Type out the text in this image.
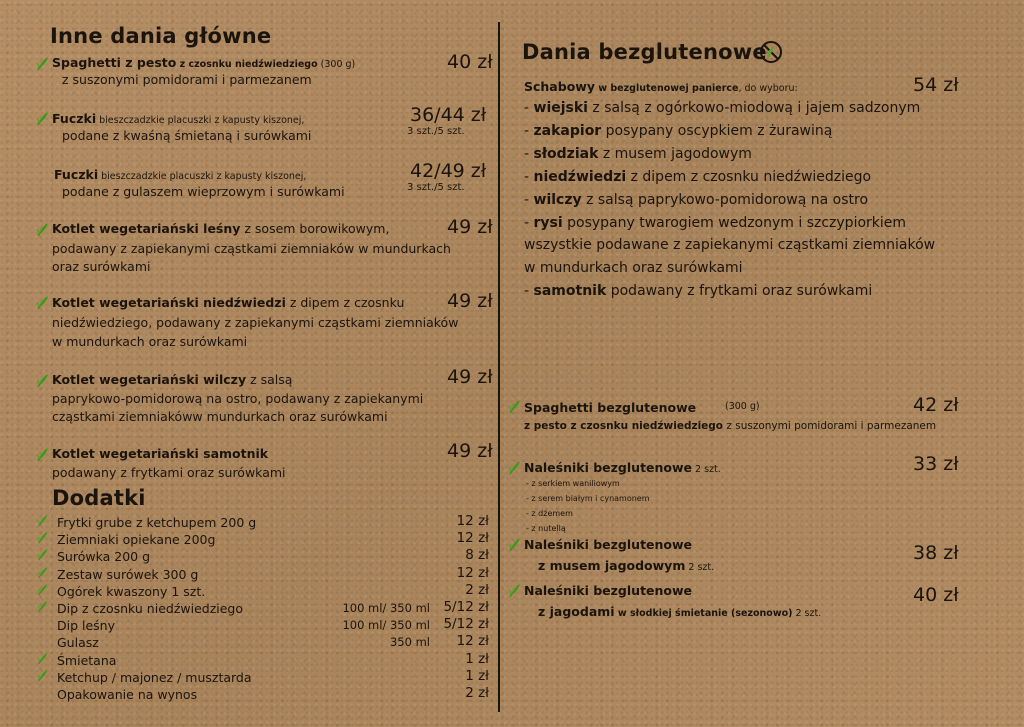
Inne dania główne
Spaghetti z pesto z czosnku niedźwiedziego (300 g)
z suszonymi pomidorami i parmezanem
40 zł
Fuczki bieszczadzkie placuszki z kapusty kiszonej,
podane z kwaśną śmietaną i surówkami
36/44 zł
3 szt./5 szt.
Fuczki bieszczadzkie placuszki z kapusty kiszonej,
podane z gulaszem wieprzowym i surówkami
42/49 zł
3 szt./5 szt.
Kotlet wegetariański leśny z sosem borowikowym,
podawany z zapiekanymi cząstkami ziemniaków w mundurkach
oraz surówkami
49 zł
Kotlet wegetariański niedźwiedzi z dipem z czosnku
niedźwiedziego, podawany z zapiekanymi cząstkami ziemniaków
w mundurkach oraz surówkami
49 zł
Kotlet wegetariański wilczy z salsą
paprykowo-pomidorową na ostro, podawany z zapiekanymi
cząstkami ziemniakóww mundurkach oraz surówkami
49 zł
Kotlet wegetariański samotnik
podawany z frytkami oraz surówkami
49 zł
Dodatki
Frytki grube z ketchupem 200 g	12 zł
Ziemniaki opiekane 200g	12 zł
Surówka 200 g	8 zł
Zestaw surówek 300 g	12 zł
Ogórek kwaszony 1 szt.	2 zł
Dip z czosnku niedźwiedziego	100 ml/ 350 ml 5/12 zł
Dip leśny	100 ml/ 350 ml 5/12 zł
Gulasz	350 ml 12 zł
Śmietana	1 zł
Ketchup / majonez / musztarda	1 zł
Opakowanie na wynos	2 zł
Dania bezglutenowe
Schabowy w bezglutenowej panierce, do wyboru:	54 zł
- wiejski z salsą z ogórkowo-miodową i jajem sadzonym
- zakapior posypany oscypkiem z żurawiną
- słodziak z musem jagodowym
- niedźwiedzi z dipem z czosnku niedźwiedziego
- wilczy z salsą paprykowo-pomidorową na ostro
- rysi posypany twarogiem wedzonym i szczypiorkiem
wszystkie podawane z zapiekanymi cząstkami ziemniaków
w mundurkach oraz surówkami
- samotnik podawany z frytkami oraz surówkami
Spaghetti bezglutenowe	(300 g)
z pesto z czosnku niedźwiedziego z suszonymi pomidorami i parmezanem
42 zł
Naleśniki bezglutenowe 2 szt.	33 zł
- z serkiem waniliowym
- z serem białym i cynamonem
- z dżemem
- z nutellą
Naleśniki bezglutenowe
z musem jagodowym 2 szt.
38 zł
Naleśniki bezglutenowe
z jagodami w słodkiej śmietanie (sezonowo) 2 szt.
40 zł
